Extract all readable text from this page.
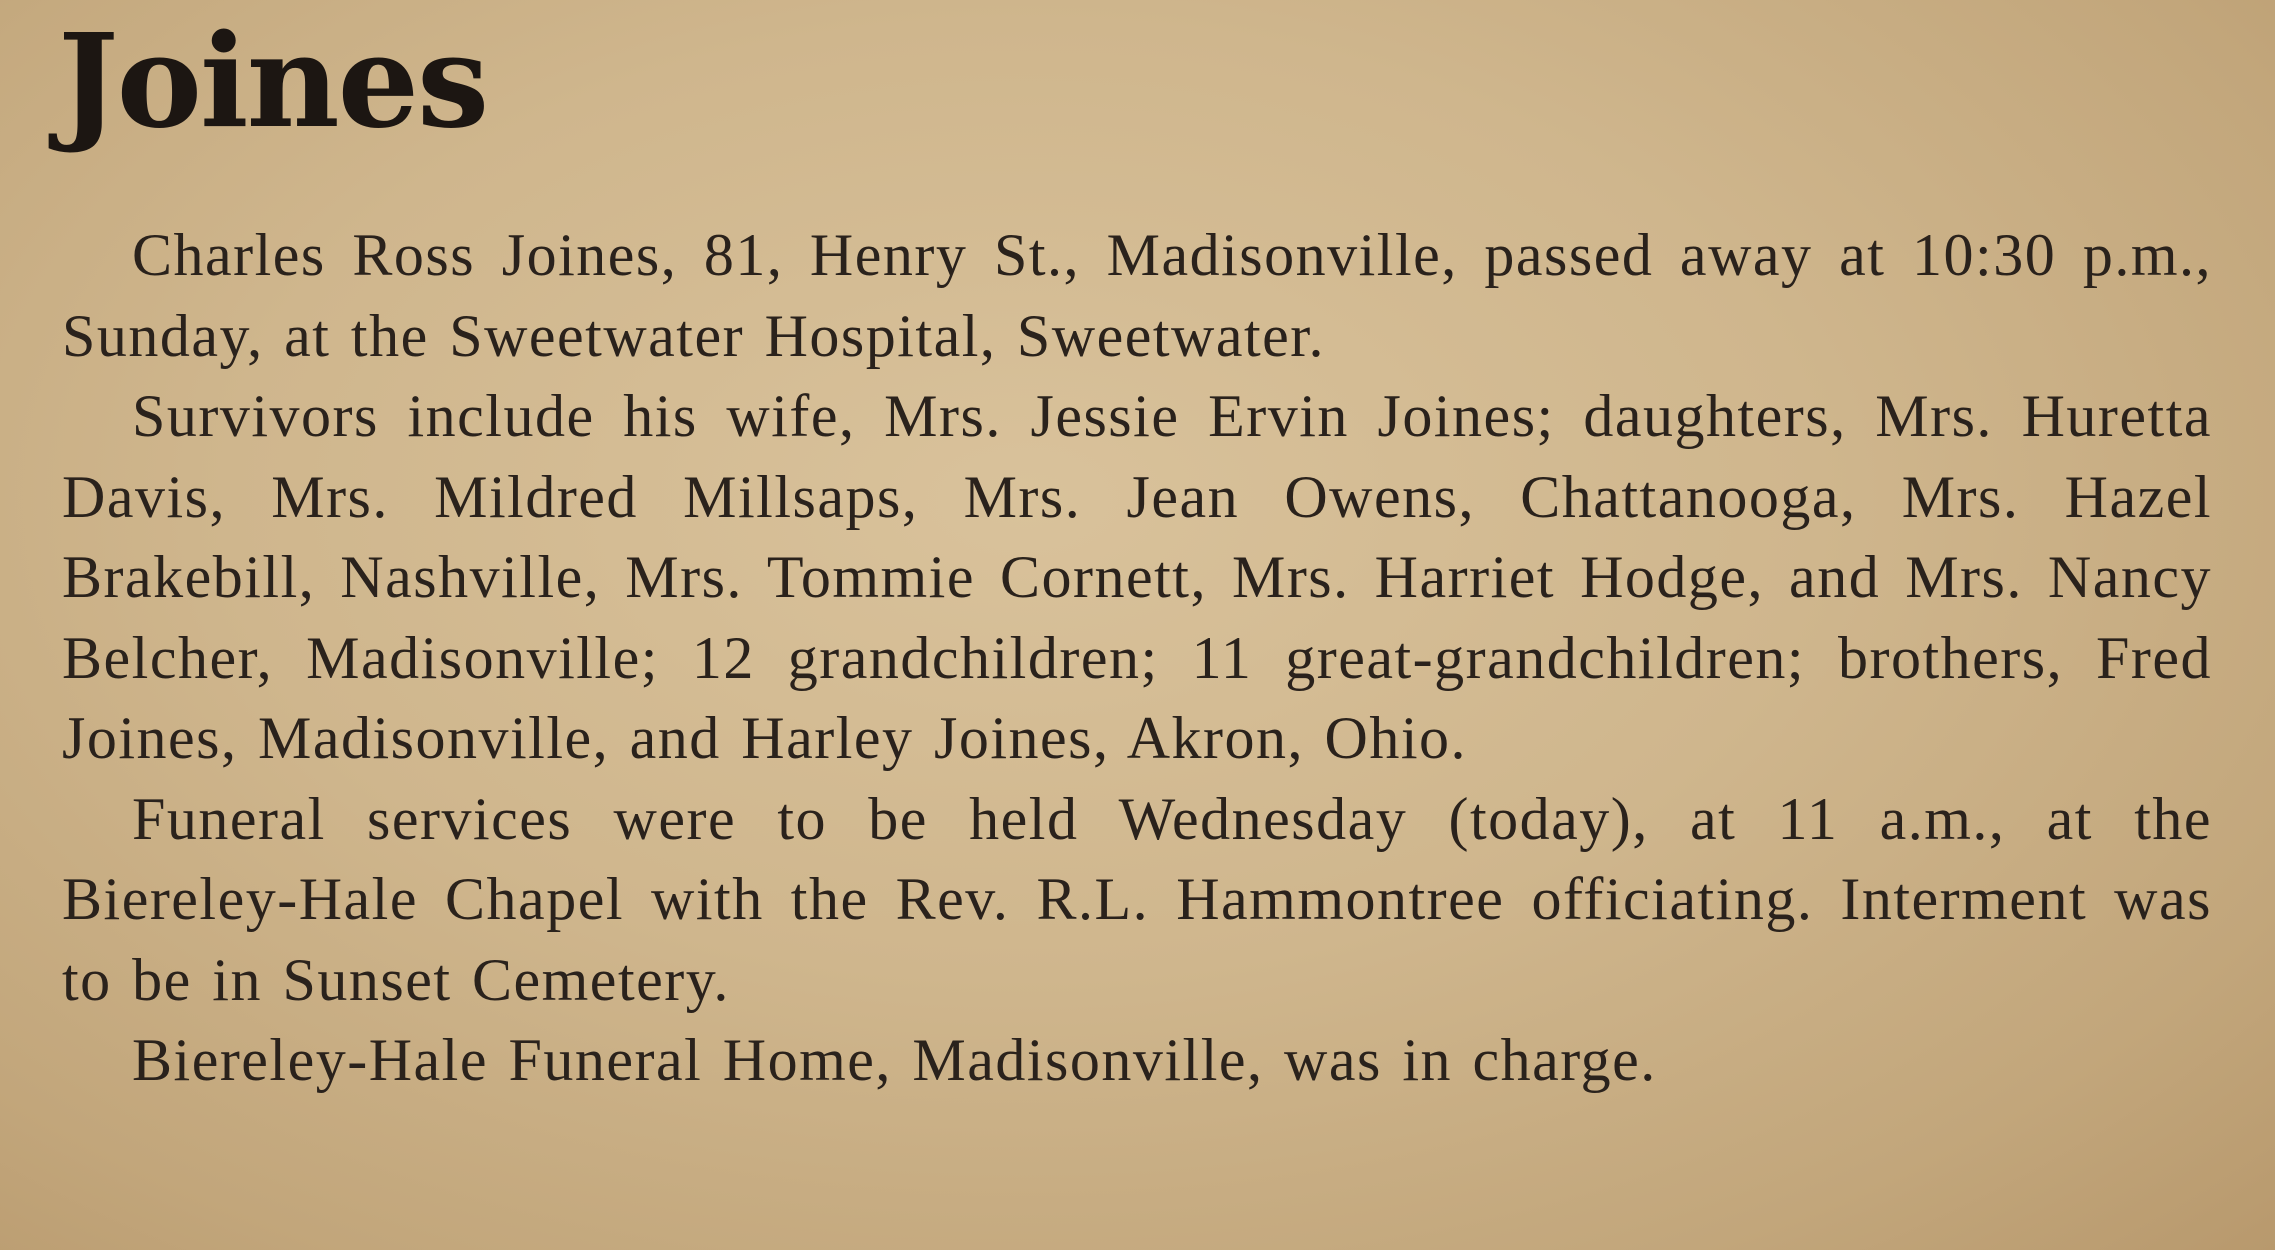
Joines

Charles Ross Joines, 81, Henry St., Madisonville, passed away at 10:30 p.m., Sunday, at the Sweetwater Hospital, Sweetwater.

Survivors include his wife, Mrs. Jessie Ervin Joines; daughters, Mrs. Huretta Davis, Mrs. Mildred Millsaps, Mrs. Jean Owens, Chattanooga, Mrs. Hazel Brakebill, Nashville, Mrs. Tommie Cornett, Mrs. Harriet Hodge, and Mrs. Nancy Belcher, Madisonville; 12 grandchildren; 11 great-grandchildren; brothers, Fred Joines, Madisonville, and Harley Joines, Akron, Ohio.

Funeral services were to be held Wednesday (today), at 11 a.m., at the Biereley-Hale Chapel with the Rev. R.L. Hammontree officiating. Interment was to be in Sunset Cemetery.

Biereley-Hale Funeral Home, Madisonville, was in charge.
